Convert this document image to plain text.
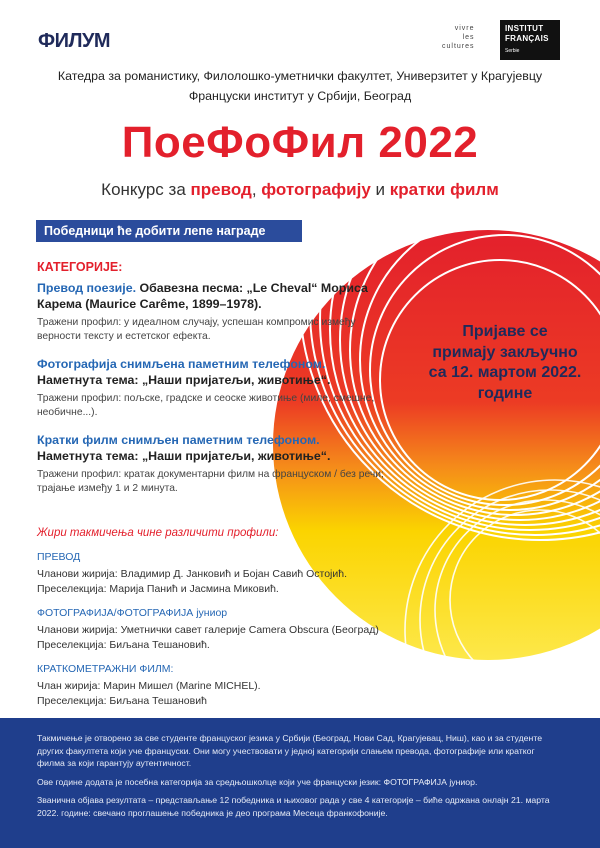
ФИЛУМ
vivre
les
cultures
INSTITUT
FRANÇAIS
Serbie
Катедра за романистику, Филолошко-уметнички факултет, Универзитет у Крагујевцу
Француски институт у Србији, Београд
ПоеФоФил 2022
Конкурс за превод, фотографију и кратки филм
Победници ће добити лепе награде
КАТЕГОРИЈЕ:
Превод поезије. Обавезна песма: „Le Cheval“ Мориса Карема (Maurice Carême, 1899–1978).
Тражени профил: у идеалном случају, успешан компромис између верности тексту и естетског ефекта.
Фотографија снимљена паметним телефоном.
Наметнута тема: „Наши пријатељи, животиње“.
Тражени профил: пољске, градске и сеоске животиње (миле, смешне, необичне...).
Кратки филм снимљен паметним телефоном.
Наметнута тема: „Наши пријатељи, животиње“.
Тражени профил: кратак документарни филм на француском / без речи; трајање између 1 и 2 минута.
Пријаве се
примају закључно
са 12. мартом 2022.
године
Жири такмичења чине различити профили:
ПРЕВОД
Чланови жирија: Владимир Д. Јанковић и Бојан Савић Остојић.
Преселекција: Марија Панић и Јасмина Миковић.
ФОТОГРАФИЈА/ФОТОГРАФИЈА јуниор
Чланови жирија: Уметнички савет галерије Camera Obscura (Београд)
Преселекција: Биљана Тешановић.
КРАТКОМЕТРАЖНИ ФИЛМ:
Члан жирија: Марин Мишел (Marine MICHEL).
Преселекција: Биљана Тешановић

Такмичење је отворено за све студенте француског језика у Србији (Београд, Нови Сад, Крагујевац, Ниш), као и за студенте других факултета који уче француски. Они могу учествовати у једној категорији слањем превода, фотографије или кратког филма за који гарантују аутентичност.

Ове године додата је посебна категорија за средњошколце који уче француски језик: ФОТОГРАФИЈА јуниор.

Званична објава резултата – представљање 12 победника и њиховог рада у све 4 категорије – биће одржана онлајн 21. марта 2022. године: свечано проглашење победника је део програма Месеца франкофоније.
